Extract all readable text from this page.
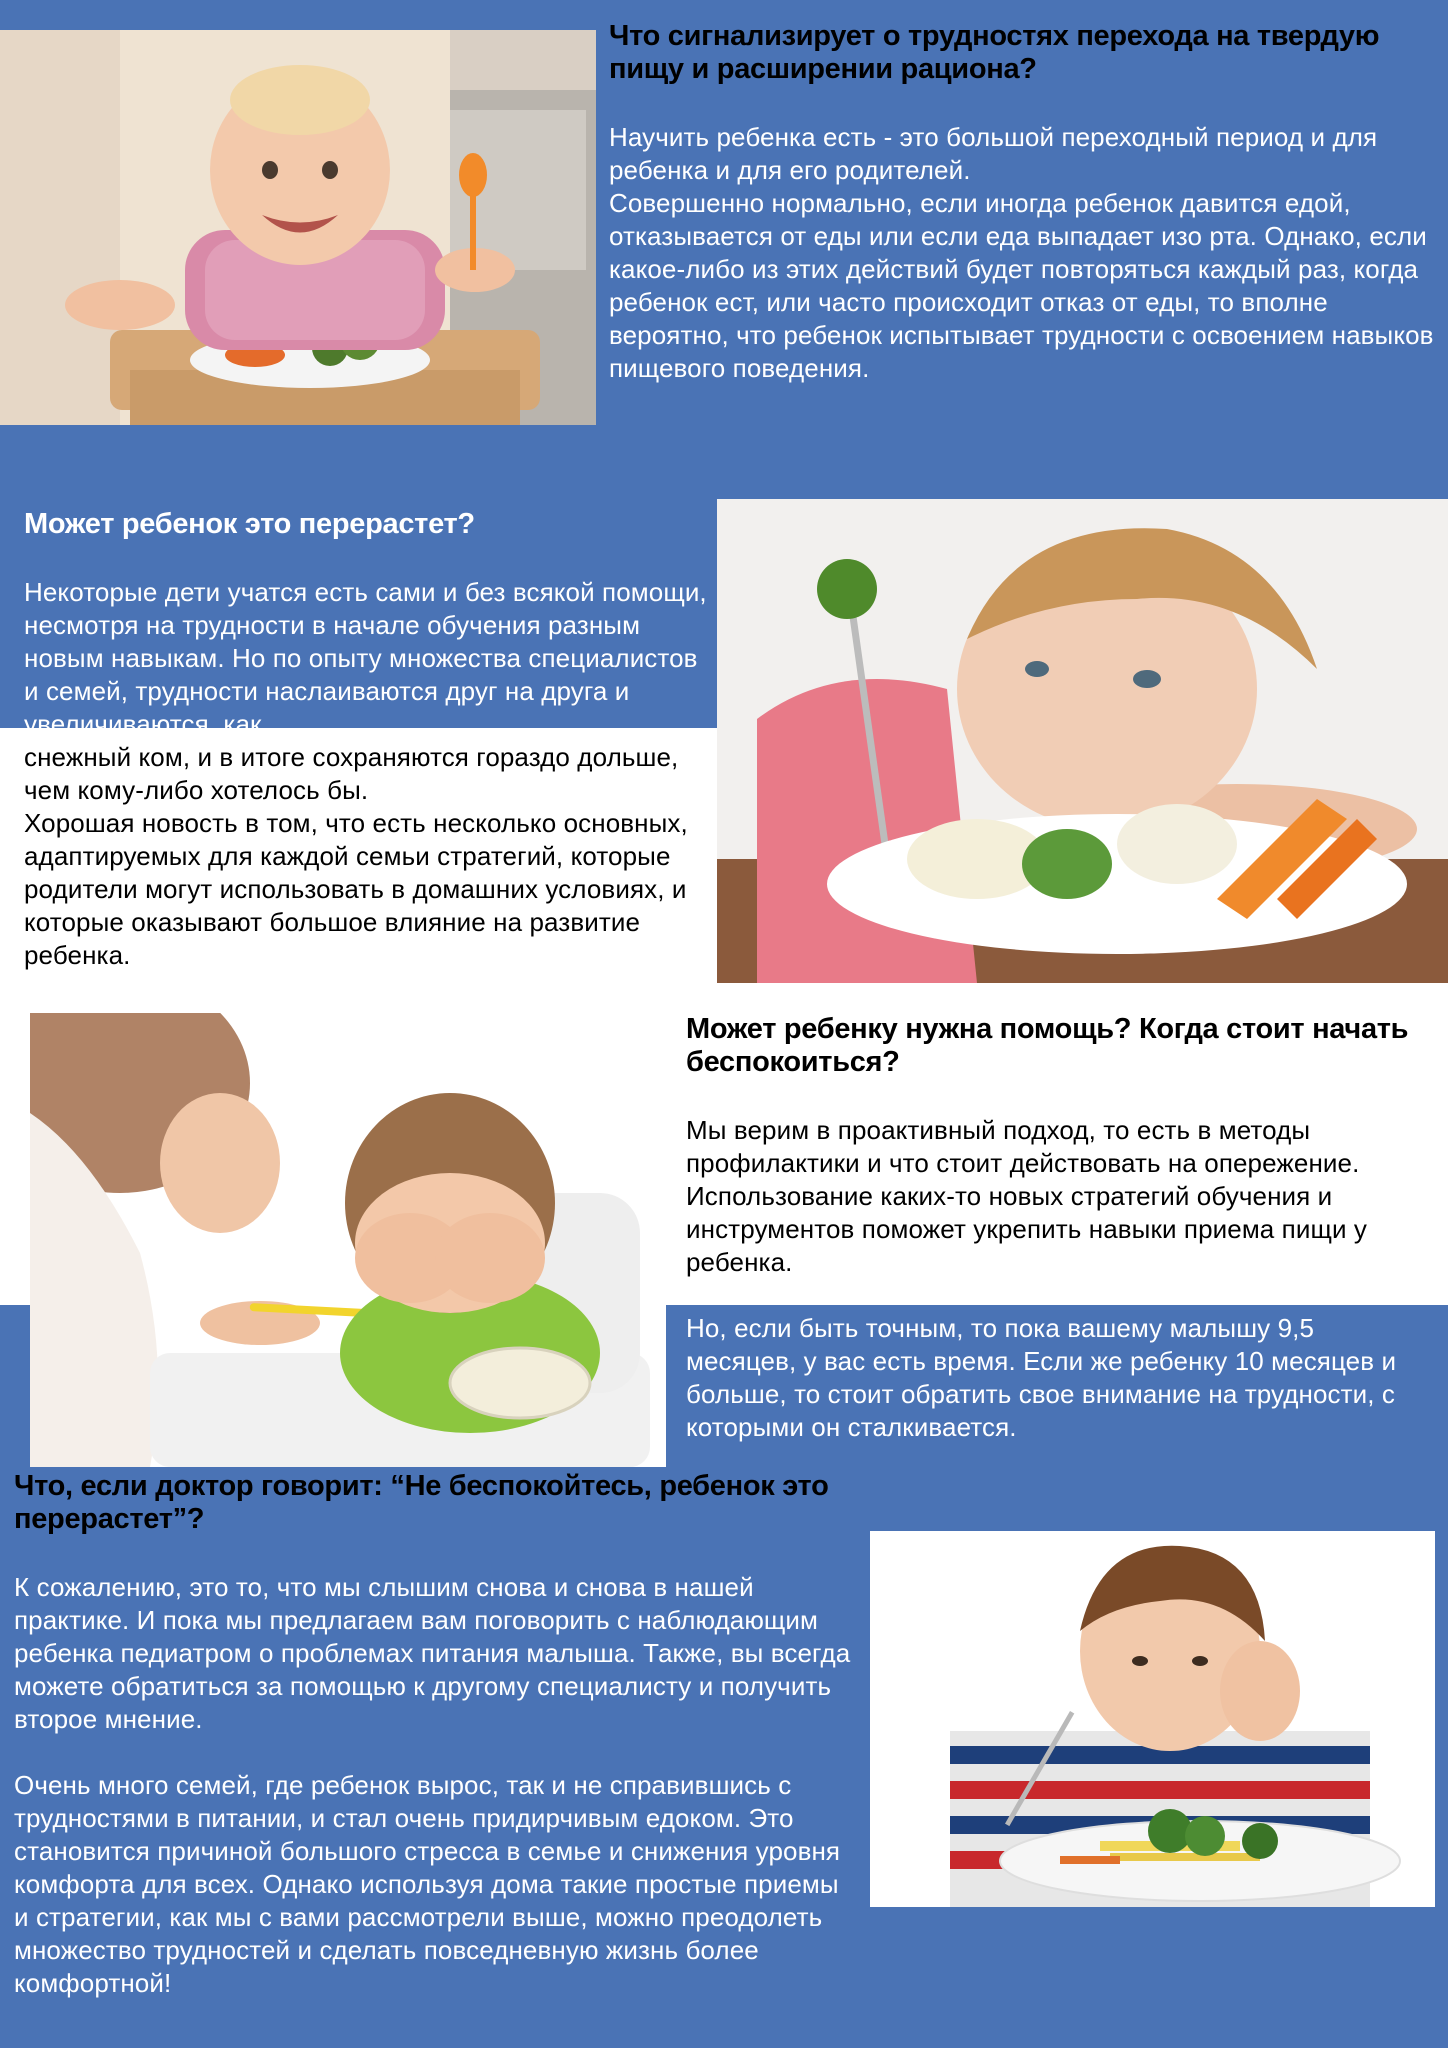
Что сигнализирует о трудностях перехода на твердую пищу и расширении рациона?

Научить ребенка есть - это большой переходный период и для ребенка и для его родителей.

Совершенно нормально, если иногда ребенок давится едой, отказывается от еды или если еда выпадает изо рта. Однако, если какое-либо из этих действий будет повторяться каждый раз, когда ребенок ест, или часто происходит отказ от еды, то вполне вероятно, что ребенок испытывает трудности с освоением навыков пищевого поведения.

Может ребенок это перерастет?

Некоторые дети учатся есть сами и без всякой помощи, несмотря на трудности в начале обучения разным новым навыкам. Но по опыту множества специалистов и семей, трудности наслаиваются друг на друга и увеличиваются, как

снежный ком, и в итоге сохраняются гораздо дольше, чем кому-либо хотелось бы.

Хорошая новость в том, что есть несколько основных, адаптируемых для каждой семьи стратегий, которые родители могут использовать в домашних условиях, и которые оказывают большое влияние на развитие ребенка.

Может ребенку нужна помощь? Когда стоит начать беспокоиться?

Мы верим в проактивный подход, то есть в методы профилактики и что стоит действовать на опережение. Использование каких-то новых стратегий обучения и инструментов поможет укрепить навыки приема пищи у ребенка.

Но, если быть точным, то пока вашему малышу 9,5 месяцев, у вас есть время. Если же ребенку 10 месяцев и больше, то стоит обратить свое внимание на трудности, с которыми он сталкивается.

Что, если доктор говорит: “Не беспокойтесь, ребенок это перерастет”?

К сожалению, это то, что мы слышим снова и снова в нашей практике. И пока мы предлагаем вам поговорить с наблюдающим ребенка педиатром о проблемах питания малыша. Также, вы всегда можете обратиться за помощью к другому специалисту и получить второе мнение.

Очень много семей, где ребенок вырос, так и не справившись с трудностями в питании, и стал очень придирчивым едоком. Это становится причиной большого стресса в семье и снижения уровня комфорта для всех. Однако используя дома такие простые приемы и стратегии, как мы с вами рассмотрели выше, можно преодолеть множество трудностей и сделать повседневную жизнь более комфортной!
